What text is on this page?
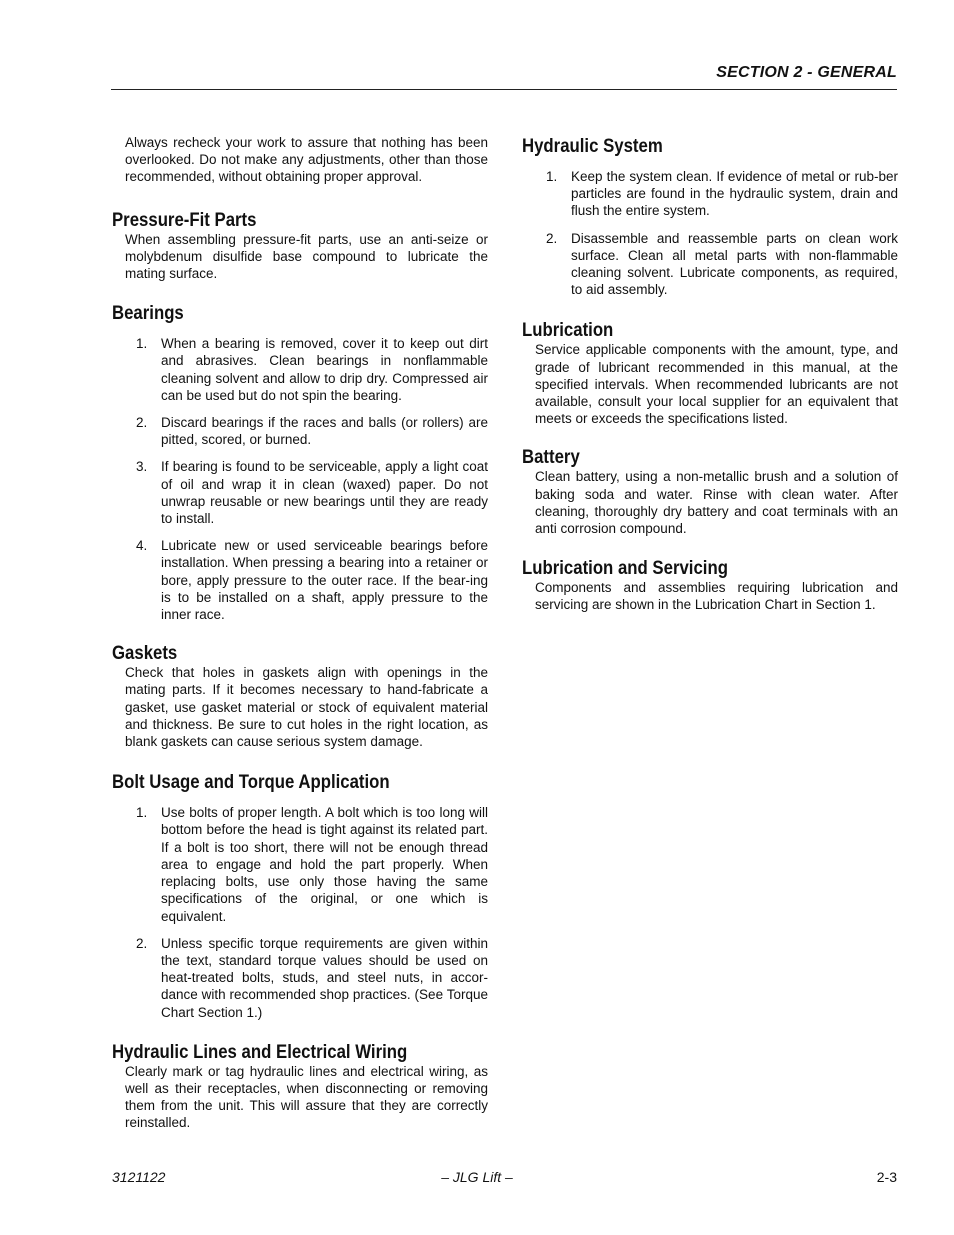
SECTION 2 - GENERAL

Always recheck your work to assure that nothing has been overlooked. Do not make any adjustments, other than those recommended, without obtaining proper approval.

Pressure-Fit Parts

When assembling pressure-fit parts, use an anti-seize or molybdenum disulfide base compound to lubricate the mating surface.

Bearings
1. When a bearing is removed, cover it to keep out dirt and abrasives. Clean bearings in nonflammable cleaning solvent and allow to drip dry. Compressed air can be used but do not spin the bearing.
2. Discard bearings if the races and balls (or rollers) are pitted, scored, or burned.
3. If bearing is found to be serviceable, apply a light coat of oil and wrap it in clean (waxed) paper. Do not unwrap reusable or new bearings until they are ready to install.
4. Lubricate new or used serviceable bearings before installation. When pressing a bearing into a retainer or bore, apply pressure to the outer race. If the bear-ing is to be installed on a shaft, apply pressure to the inner race.
Gaskets

Check that holes in gaskets align with openings in the mating parts. If it becomes necessary to hand-fabricate a gasket, use gasket material or stock of equivalent material and thickness. Be sure to cut holes in the right location, as blank gaskets can cause serious system damage.

Bolt Usage and Torque Application
1. Use bolts of proper length. A bolt which is too long will bottom before the head is tight against its related part. If a bolt is too short, there will not be enough thread area to engage and hold the part properly. When replacing bolts, use only those having the same specifications of the original, or one which is equivalent.
2. Unless specific torque requirements are given within the text, standard torque values should be used on heat-treated bolts, studs, and steel nuts, in accor-dance with recommended shop practices. (See Torque Chart Section 1.)
Hydraulic Lines and Electrical Wiring

Clearly mark or tag hydraulic lines and electrical wiring, as well as their receptacles, when disconnecting or removing them from the unit. This will assure that they are correctly reinstalled.

Hydraulic System
1. Keep the system clean. If evidence of metal or rub-ber particles are found in the hydraulic system, drain and flush the entire system.
2. Disassemble and reassemble parts on clean work surface. Clean all metal parts with non-flammable cleaning solvent. Lubricate components, as required, to aid assembly.
Lubrication

Service applicable components with the amount, type, and grade of lubricant recommended in this manual, at the specified intervals. When recommended lubricants are not available, consult your local supplier for an equivalent that meets or exceeds the specifications listed.

Battery

Clean battery, using a non-metallic brush and a solution of baking soda and water. Rinse with clean water. After cleaning, thoroughly dry battery and coat terminals with an anti corrosion compound.

Lubrication and Servicing

Components and assemblies requiring lubrication and servicing are shown in the Lubrication Chart in Section 1.

– JLG Lift –
3121122	2-3
